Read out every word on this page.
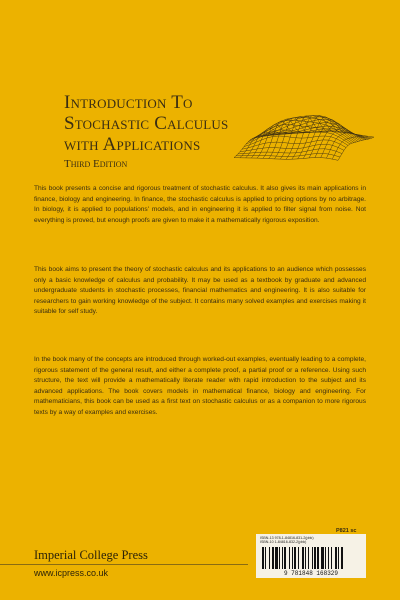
Introduction To
Stochastic Calculus
with Applications
Third Edition
This book presents a concise and rigorous treatment of stochastic calculus. It also gives its main applications in finance, biology and engineering. In finance, the stochastic calculus is applied to pricing options by no arbitrage. In biology, it is applied to populations' models, and in engineering it is applied to filter signal from noise. Not everything is proved, but enough proofs are given to make it a mathematically rigorous exposition.
This book aims to present the theory of stochastic calculus and its applications to an audience which possesses only a basic knowledge of calculus and probability. It may be used as a textbook by graduate and advanced undergraduate students in stochastic processes, financial mathematics and engineering. It is also suitable for researchers to gain working knowledge of the subject. It contains many solved examples and exercises making it suitable for self study.
In the book many of the concepts are introduced through worked-out examples, eventually leading to a complete, rigorous statement of the general result, and either a complete proof, a partial proof or a reference. Using such structure, the text will provide a mathematically literate reader with rapid introduction to the subject and its advanced applications. The book covers models in mathematical finance, biology and engineering. For mathematicians, this book can be used as a first text on stochastic calculus or as a companion to more rigorous texts by a way of examples and exercises.
P821 sc
ISBN-13 978-1-84816-831-2(pbk)
ISBN-10 1-84816-832-2(pbk)
9 781848 168329
Imperial College Press
www.icpress.co.uk
